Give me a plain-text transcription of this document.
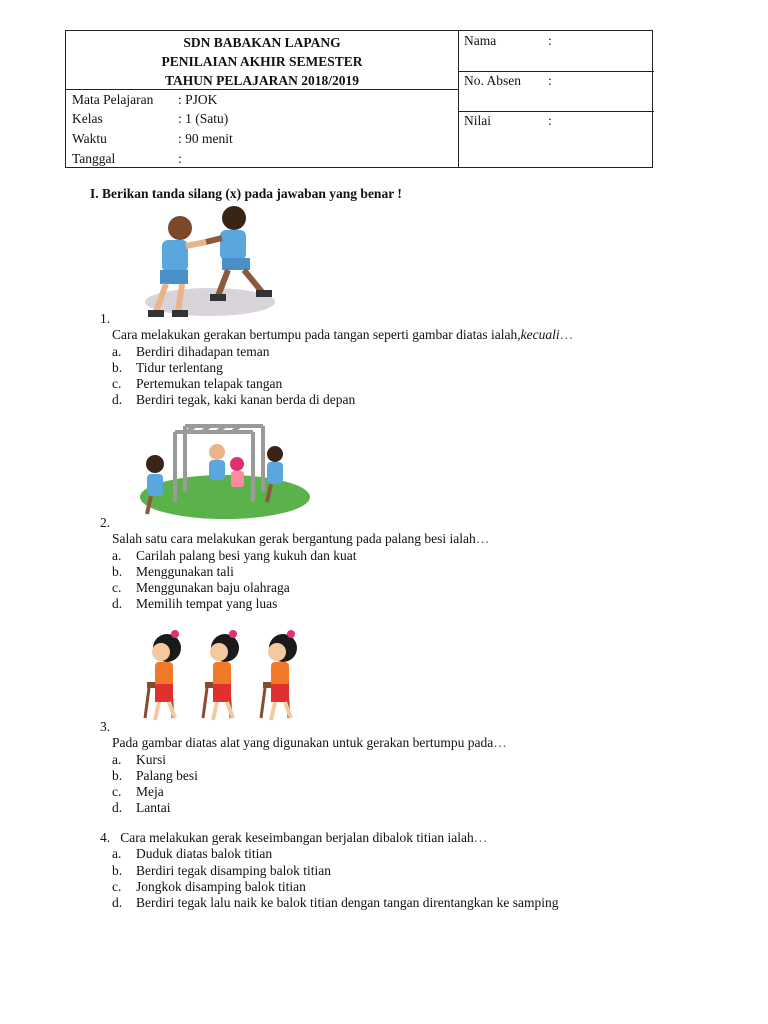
SDN BABAKAN LAPANG
PENILAIAN AKHIR SEMESTER
TAHUN PELAJARAN 2018/2019
Mata Pelajaran : PJOK
Kelas	: 1 (Satu)
Waktu	: 90 menit
Tanggal	:
Nama	:
No. Absen :
Nilai	:
I. Berikan tanda silang (x) pada jawaban yang benar !
1.
Cara melakukan gerakan bertumpu pada tangan seperti gambar diatas ialah,kecuali…
a. Berdiri dihadapan teman
b. Tidur terlentang
c. Pertemukan telapak tangan
d. Berdiri tegak, kaki kanan berda di depan
2.
Salah satu cara melakukan gerak bergantung pada palang besi ialah…
a. Carilah palang besi yang kukuh dan kuat
b. Menggunakan tali
c. Menggunakan baju olahraga
d. Memilih tempat yang luas
3.
Pada gambar diatas alat yang digunakan untuk gerakan bertumpu pada…
a. Kursi
b. Palang besi
c. Meja
d. Lantai
4. Cara melakukan gerak keseimbangan berjalan dibalok titian ialah…
a. Duduk diatas balok titian
b. Berdiri tegak disamping balok titian
c. Jongkok disamping balok titian
d. Berdiri tegak lalu naik ke balok titian dengan tangan direntangkan ke samping
